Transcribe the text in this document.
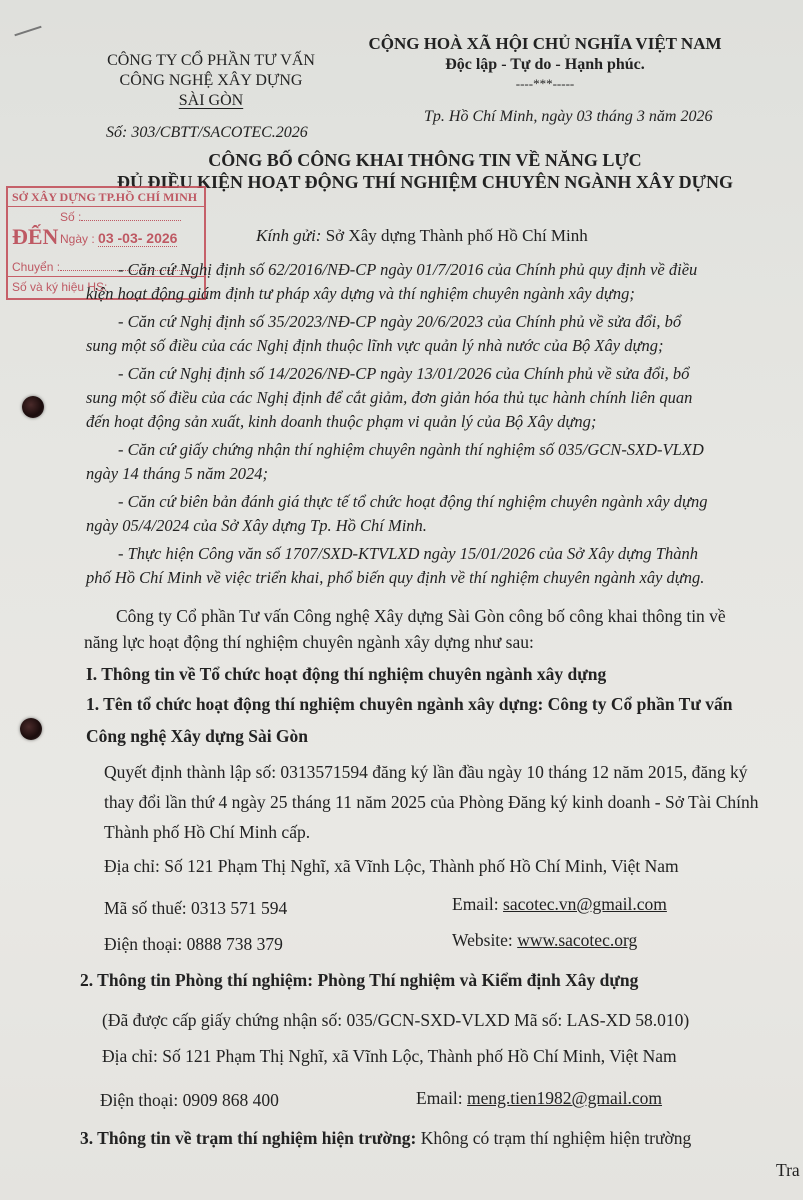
CÔNG TY CỔ PHẦN TƯ VẤN
CÔNG NGHỆ XÂY DỰNG
SÀI GÒN
CỘNG HOÀ XÃ HỘI CHỦ NGHĨA VIỆT NAM
Độc lập - Tự do - Hạnh phúc.
----***-----
Số: 303/CBTT/SACOTEC.2026
Tp. Hồ Chí Minh, ngày 03 tháng 3 năm 2026
CÔNG BỐ CÔNG KHAI THÔNG TIN VỀ NĂNG LỰC
ĐỦ ĐIỀU KIỆN HOẠT ĐỘNG THÍ NGHIỆM CHUYÊN NGÀNH XÂY DỰNG
SỞ XÂY DỰNG TP.HỒ CHÍ MINH
ĐẾN
Số :
Ngày : 03 -03- 2026
Chuyển :
Số và ký hiệu HS:
Kính gửi: Sở Xây dựng Thành phố Hồ Chí Minh
- Căn cứ Nghị định số 62/2016/NĐ-CP ngày 01/7/2016 của Chính phủ quy định về điều
kiện hoạt động giám định tư pháp xây dựng và thí nghiệm chuyên ngành xây dựng;
- Căn cứ Nghị định số 35/2023/NĐ-CP ngày 20/6/2023 của Chính phủ về sửa đổi, bổ
sung một số điều của các Nghị định thuộc lĩnh vực quản lý nhà nước của Bộ Xây dựng;
- Căn cứ Nghị định số 14/2026/NĐ-CP ngày 13/01/2026 của Chính phủ về sửa đổi, bổ
sung một số điều của các Nghị định để cắt giảm, đơn giản hóa thủ tục hành chính liên quan
đến hoạt động sản xuất, kinh doanh thuộc phạm vi quản lý của Bộ Xây dựng;
- Căn cứ giấy chứng nhận thí nghiệm chuyên ngành thí nghiệm số 035/GCN-SXD-VLXD
ngày 14 tháng 5 năm 2024;
- Căn cứ biên bản đánh giá thực tế tổ chức hoạt động thí nghiệm chuyên ngành xây dựng
ngày 05/4/2024 của Sở Xây dựng Tp. Hồ Chí Minh.
- Thực hiện Công văn số 1707/SXD-KTVLXD ngày 15/01/2026 của Sở Xây dựng Thành
phố Hồ Chí Minh về việc triển khai, phổ biến quy định về thí nghiệm chuyên ngành xây dựng.
Công ty Cổ phần Tư vấn Công nghệ Xây dựng Sài Gòn công bố công khai thông tin về
năng lực hoạt động thí nghiệm chuyên ngành xây dựng như sau:
I. Thông tin về Tổ chức hoạt động thí nghiệm chuyên ngành xây dựng
1. Tên tổ chức hoạt động thí nghiệm chuyên ngành xây dựng: Công ty Cổ phần Tư vấn
Công nghệ Xây dựng Sài Gòn
Quyết định thành lập số: 0313571594 đăng ký lần đầu ngày 10 tháng 12 năm 2015, đăng ký
thay đổi lần thứ 4 ngày 25 tháng 11 năm 2025 của Phòng Đăng ký kinh doanh - Sở Tài Chính
Thành phố Hồ Chí Minh cấp.
Địa chỉ: Số 121 Phạm Thị Nghĩ, xã Vĩnh Lộc, Thành phố Hồ Chí Minh, Việt Nam
Mã số thuế: 0313 571 594	Email: sacotec.vn@gmail.com
Điện thoại: 0888 738 379	Website: www.sacotec.org
2. Thông tin Phòng thí nghiệm: Phòng Thí nghiệm và Kiểm định Xây dựng
(Đã được cấp giấy chứng nhận số: 035/GCN-SXD-VLXD Mã số: LAS-XD 58.010)
Địa chỉ: Số 121 Phạm Thị Nghĩ, xã Vĩnh Lộc, Thành phố Hồ Chí Minh, Việt Nam
Điện thoại: 0909 868 400	Email: meng.tien1982@gmail.com
3. Thông tin về trạm thí nghiệm hiện trường: Không có trạm thí nghiệm hiện trường
Tra
